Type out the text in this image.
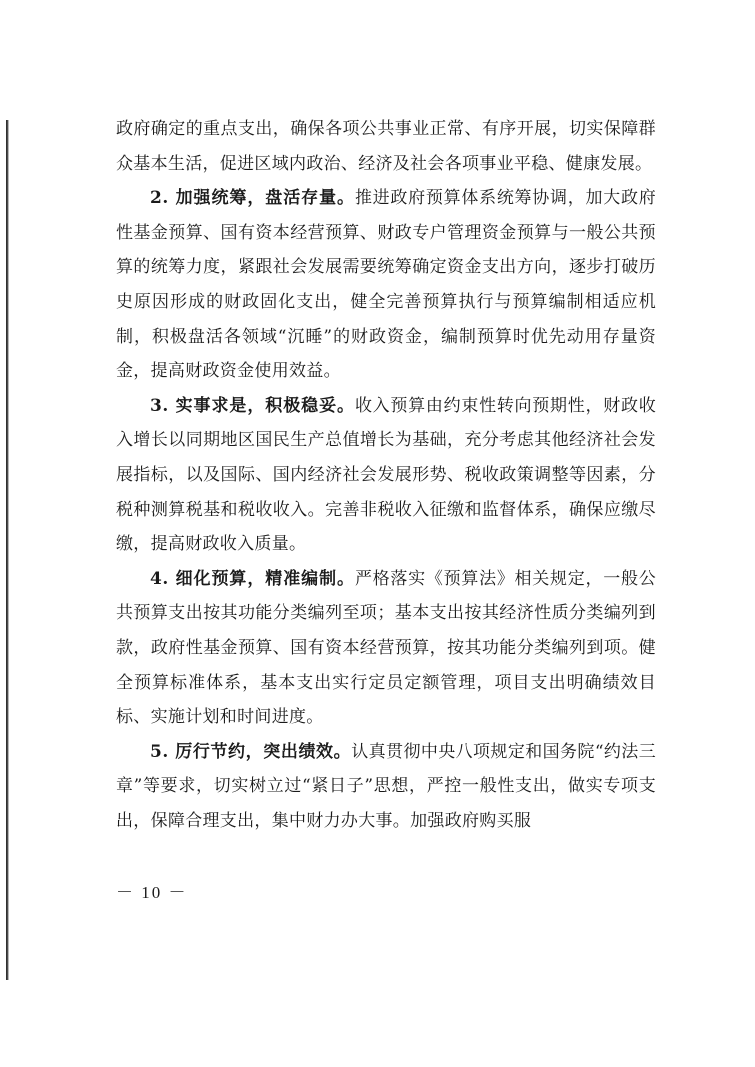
政府确定的重点支出，确保各项公共事业正常、有序开展，切实保障群众基本生活，促进区域内政治、经济及社会各项事业平稳、健康发展。

2. 加强统筹，盘活存量。推进政府预算体系统筹协调，加大政府性基金预算、国有资本经营预算、财政专户管理资金预算与一般公共预算的统筹力度，紧跟社会发展需要统筹确定资金支出方向，逐步打破历史原因形成的财政固化支出，健全完善预算执行与预算编制相适应机制，积极盘活各领域“沉睡”的财政资金，编制预算时优先动用存量资金，提高财政资金使用效益。

3. 实事求是，积极稳妥。收入预算由约束性转向预期性，财政收入增长以同期地区国民生产总值增长为基础，充分考虑其他经济社会发展指标，以及国际、国内经济社会发展形势、税收政策调整等因素，分税种测算税基和税收收入。完善非税收入征缴和监督体系，确保应缴尽缴，提高财政收入质量。

4. 细化预算，精准编制。严格落实《预算法》相关规定，一般公共预算支出按其功能分类编列至项；基本支出按其经济性质分类编列到款，政府性基金预算、国有资本经营预算，按其功能分类编列到项。健全预算标准体系，基本支出实行定员定额管理，项目支出明确绩效目标、实施计划和时间进度。

5. 厉行节约，突出绩效。认真贯彻中央八项规定和国务院“约法三章”等要求，切实树立过“紧日子”思想，严控一般性支出，做实专项支出，保障合理支出，集中财力办大事。加强政府购买服

－ 10 －
